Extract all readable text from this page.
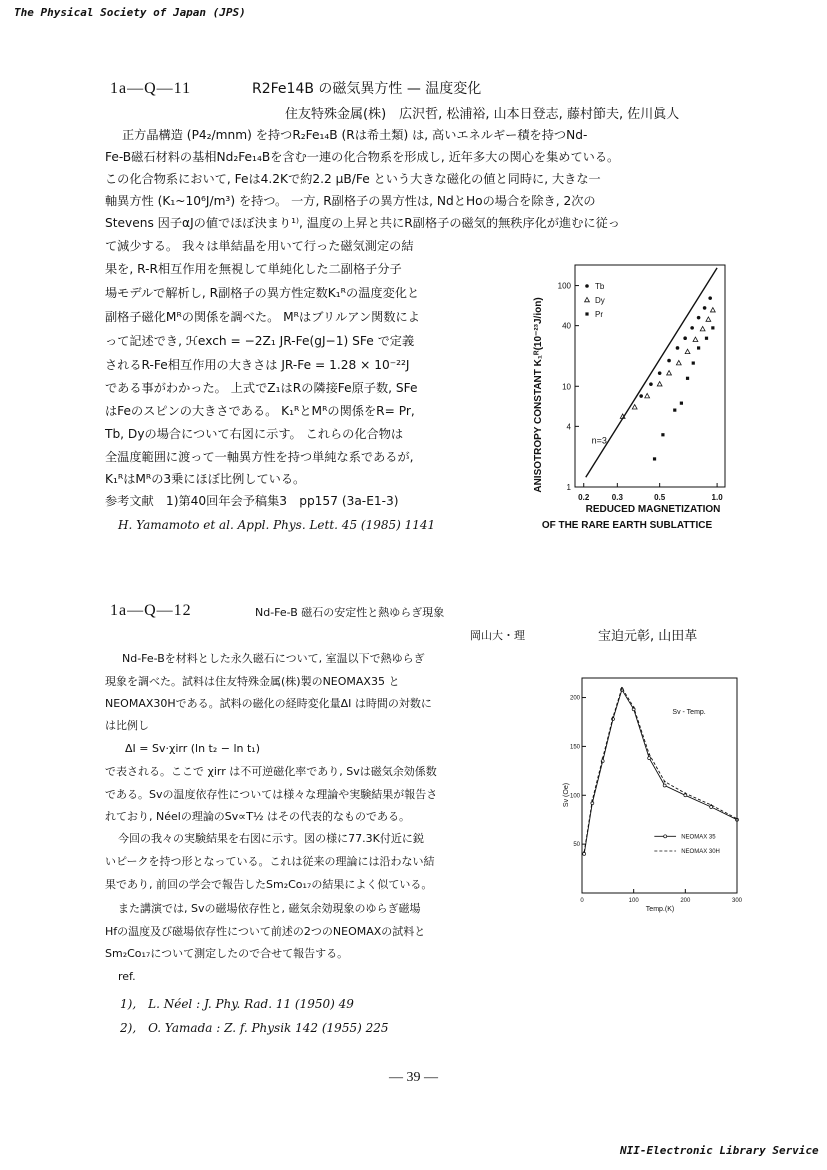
The Physical Society of Japan (JPS)
1a—Q—11	R2Fe14B の磁気異方性 — 温度変化
住友特殊金属(株)　広沢哲, 松浦裕, 山本日登志, 藤村節夫, 佐川眞人
正方晶構造 (P4₂/mnm) を持つR₂Fe₁₄B (Rは希土類) は, 高いエネルギー積を持つNd-
Fe-B磁石材料の基相Nd₂Fe₁₄Bを含む一連の化合物系を形成し, 近年多大の関心を集めている。
この化合物系において, Feは4.2Kで約2.2 μB/Fe という大きな磁化の値と同時に, 大きな一
軸異方性 (K₁~10⁶J/m³) を持つ。 一方, R副格子の異方性は, NdとHoの場合を除き, 2次の
Stevens 因子αJの値でほぼ決まり¹⁾, 温度の上昇と共にR副格子の磁気的無秩序化が進むに従っ
て減少する。 我々は単結晶を用いて行った磁気測定の結
果を, R-R相互作用を無視して単純化した二副格子分子
場モデルで解析し, R副格子の異方性定数K₁ᴿの温度変化と
副格子磁化Mᴿの関係を調べた。 Mᴿはブリルアン関数によ
って記述でき, ℋexch = −2Z₁ JR-Fe(gJ−1) SFe で定義
されるR-Fe相互作用の大きさは JR-Fe = 1.28 × 10⁻²²J
である事がわかった。 上式でZ₁はRの隣接Fe原子数, SFe
はFeのスピンの大きさである。 K₁ᴿとMᴿの関係をR= Pr,
Tb, Dyの場合について右図に示す。 これらの化合物は
全温度範囲に渡って一軸異方性を持つ単純な系であるが,
K₁ᴿはMᴿの3乗にほぼ比例している。
参考文献　1)第40回年会予稿集3　pp157 (3a-E1-3)
H. Yamamoto et al. Appl. Phys. Lett. 45 (1985) 1141
0.2	0.3	0.5	1.0
1
4
10
40
100	Tb
Dy
Pr
ANISOTROPY CONSTANT K₁ᴿ(10⁻²³J/ion)	n=3
REDUCED MAGNETIZATION
OF THE RARE EARTH SUBLATTICE
1a—Q—12	Nd-Fe-B 磁石の安定性と熱ゆらぎ現象
岡山大・理	宝迫元彰, 山田革
Nd-Fe-Bを材料とした永久磁石について, 室温以下で熱ゆらぎ
現象を調べた。試料は住友特殊金属(株)製のNEOMAX35 と
NEOMAX30Hである。試料の磁化の経時変化量ΔI は時間の対数に
は比例し
ΔI = Sv·χirr (ln t₂ − ln t₁)
で表される。ここで χirr は不可逆磁化率であり, Svは磁気余効係数
である。Svの温度依存性については様々な理論や実験結果が報告さ
れており, Néelの理論のSv∝T½ はその代表的なものである。
今回の我々の実験結果を右図に示す。図の様に77.3K付近に鋭
いピークを持つ形となっている。これは従来の理論には沿わない結
果であり, 前回の学会で報告したSm₂Co₁₇の結果によく似ている。
また講演では, Svの磁場依存性と, 磁気余効現象のゆらぎ磁場
Hfの温度及び磁場依存性について前述の2つのNEOMAXの試料と
Sm₂Co₁₇について測定したので合せて報告する。
ref.
1),　L. Néel : J. Phy. Rad. 11 (1950) 49
2),　O. Yamada : Z. f. Physik 142 (1955) 225
0	100	200	300
50
100
150
200
NEOMAX 35
NEOMAX 30H
Sv (Oe)
Sv - Temp.
Temp.(K)
— 39 —
NII-Electronic Library Service
